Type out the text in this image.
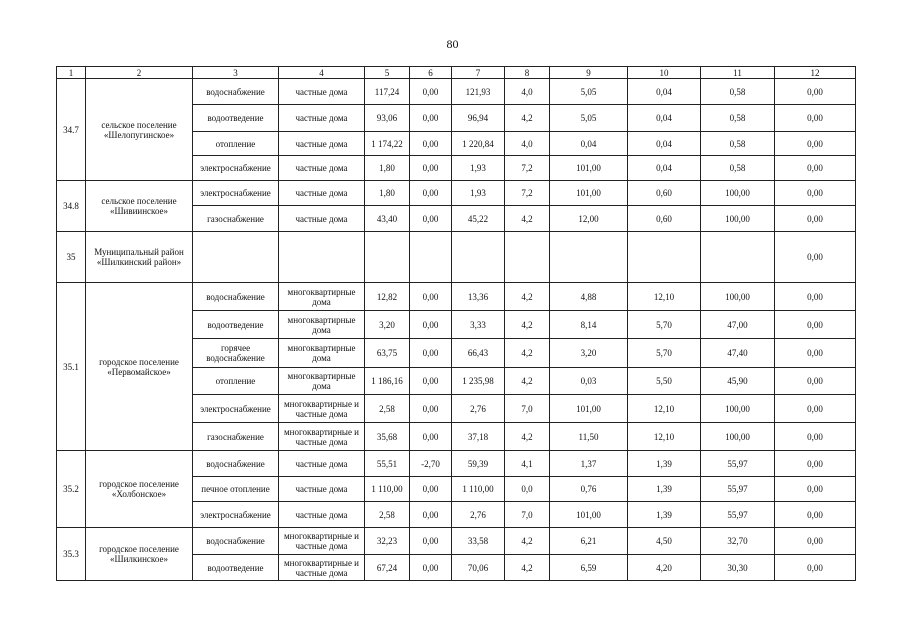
80
1	2	3	4	5	6	7	8	9	10	11	12
34.7	сельское поселение «Шелопугинское»	водоснабжение	частные дома	117,24	0,00	121,93	4,0	5,05	0,04	0,58	0,00
		водоотведение	частные дома	93,06	0,00	96,94	4,2	5,05	0,04	0,58	0,00
		отопление	частные дома	1 174,22	0,00	1 220,84	4,0	0,04	0,04	0,58	0,00
		электроснабжение	частные дома	1,80	0,00	1,93	7,2	101,00	0,04	0,58	0,00
34.8	сельское поселение «Шивиинское»	электроснабжение	частные дома	1,80	0,00	1,93	7,2	101,00	0,60	100,00	0,00
		газоснабжение	частные дома	43,40	0,00	45,22	4,2	12,00	0,60	100,00	0,00
35	Муниципальный район «Шилкинский район»										0,00
35.1	городское поселение «Первомайское»	водоснабжение	многоквартирные дома	12,82	0,00	13,36	4,2	4,88	12,10	100,00	0,00
		водоотведение	многоквартирные дома	3,20	0,00	3,33	4,2	8,14	5,70	47,00	0,00
		горячее водоснабжение	многоквартирные дома	63,75	0,00	66,43	4,2	3,20	5,70	47,40	0,00
		отопление	многоквартирные дома	1 186,16	0,00	1 235,98	4,2	0,03	5,50	45,90	0,00
		электроснабжение	многоквартирные и частные дома	2,58	0,00	2,76	7,0	101,00	12,10	100,00	0,00
		газоснабжение	многоквартирные и частные дома	35,68	0,00	37,18	4,2	11,50	12,10	100,00	0,00
35.2	городское поселение «Холбонское»	водоснабжение	частные дома	55,51	-2,70	59,39	4,1	1,37	1,39	55,97	0,00
		печное отопление	частные дома	1 110,00	0,00	1 110,00	0,0	0,76	1,39	55,97	0,00
		электроснабжение	частные дома	2,58	0,00	2,76	7,0	101,00	1,39	55,97	0,00
35.3	городское поселение «Шилкинское»	водоснабжение	многоквартирные и частные дома	32,23	0,00	33,58	4,2	6,21	4,50	32,70	0,00
		водоотведение	многоквартирные и частные дома	67,24	0,00	70,06	4,2	6,59	4,20	30,30	0,00
